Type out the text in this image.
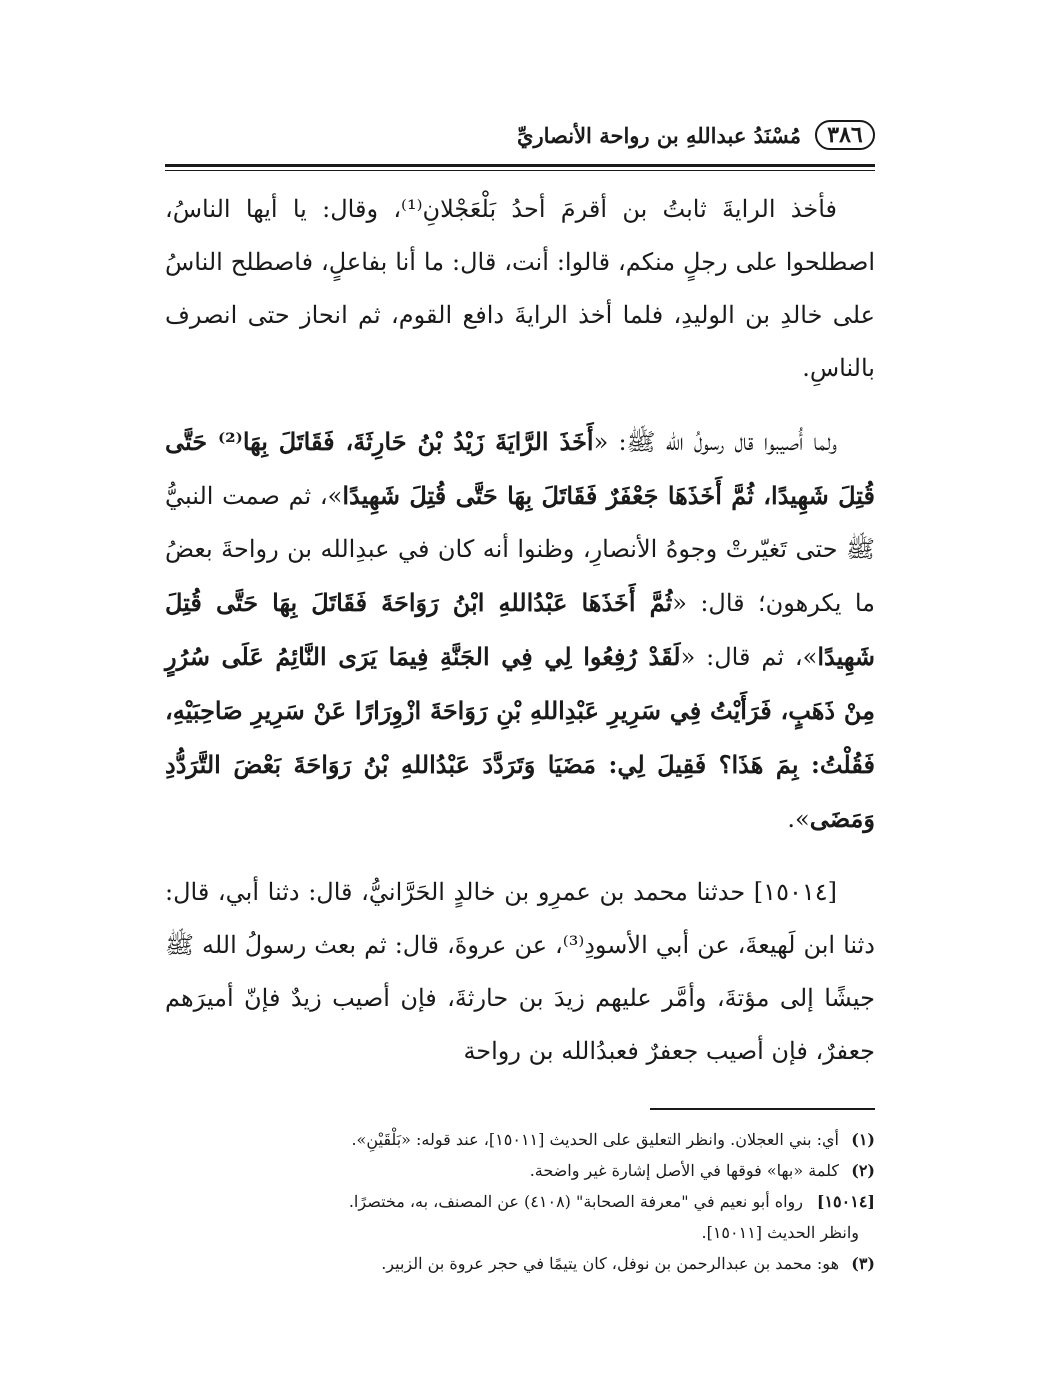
٣٨٦
مُسْنَدُ عبداللهِ بن رواحة الأنصاريِّ

فأخذ الرايةَ ثابتُ بن أقرمَ أحدُ بَلْعَجْلانِ⁽¹⁾، وقال: يا أيها الناسُ، اصطلحوا على رجلٍ منكم، قالوا: أنت، قال: ما أنا بفاعلٍ، فاصطلح الناسُ على خالدِ بن الوليدِ، فلما أخذ الرايةَ دافع القوم، ثم انحاز حتى انصرف بالناسِ.

ولما أُصيبوا قال رسولُ الله ﷺ: «أَخَذَ الرَّايَةَ زَيْدُ بْنُ حَارِثَةَ، فَقَاتَلَ بِهَا⁽²⁾ حَتَّى قُتِلَ شَهِيدًا، ثُمَّ أَخَذَهَا جَعْفَرٌ فَقَاتَلَ بِهَا حَتَّى قُتِلَ شَهِيدًا»، ثم صمت النبيُّ ﷺ حتى تَغيّرتْ وجوهُ الأنصارِ، وظنوا أنه كان في عبدِالله بن رواحةَ بعضُ ما يكرهون؛ قال: «ثُمَّ أَخَذَهَا عَبْدُاللهِ ابْنُ رَوَاحَةَ فَقَاتَلَ بِهَا حَتَّى قُتِلَ شَهِيدًا»، ثم قال: «لَقَدْ رُفِعُوا لِي فِي الجَنَّةِ فِيمَا يَرَى النَّائِمُ عَلَى سُرُرٍ مِنْ ذَهَبٍ، فَرَأَيْتُ فِي سَرِيرِ عَبْدِاللهِ بْنِ رَوَاحَةَ ازْوِرَارًا عَنْ سَرِيرِ صَاحِبَيْهِ، فَقُلْتُ: بِمَ هَذَا؟ فَقِيلَ لِي: مَضَيَا وَتَرَدَّدَ عَبْدُاللهِ بْنُ رَوَاحَةَ بَعْضَ التَّرَدُّدِ وَمَضَى».

[١٥٠١٤] حدثنا محمد بن عمرِو بن خالدٍ الحَرَّانيُّ، قال: دثنا أبي، قال: دثنا ابن لَهيعةَ، عن أبي الأسودِ⁽³⁾، عن عروةَ، قال: ثم بعث رسولُ الله ﷺ جيشًا إلى مؤتةَ، وأمَّر عليهم زيدَ بن حارثةَ، فإن أصيب زيدٌ فإنّ أميرَهم جعفرٌ، فإن أصيب جعفرٌ فعبدُالله بن رواحة

(١)
أي: بني العجلان. وانظر التعليق على الحديث [١٥٠١١]، عند قوله: «بَلْقَيْنِ».
(٢)
كلمة «بها» فوقها في الأصل إشارة غير واضحة.
[١٥٠١٤]
رواه أبو نعيم في "معرفة الصحابة" (٤١٠٨) عن المصنف، به، مختصرًا.
وانظر الحديث [١٥٠١١].
(٣)
هو: محمد بن عبدالرحمن بن نوفل، كان يتيمًا في حجر عروة بن الزبير.
